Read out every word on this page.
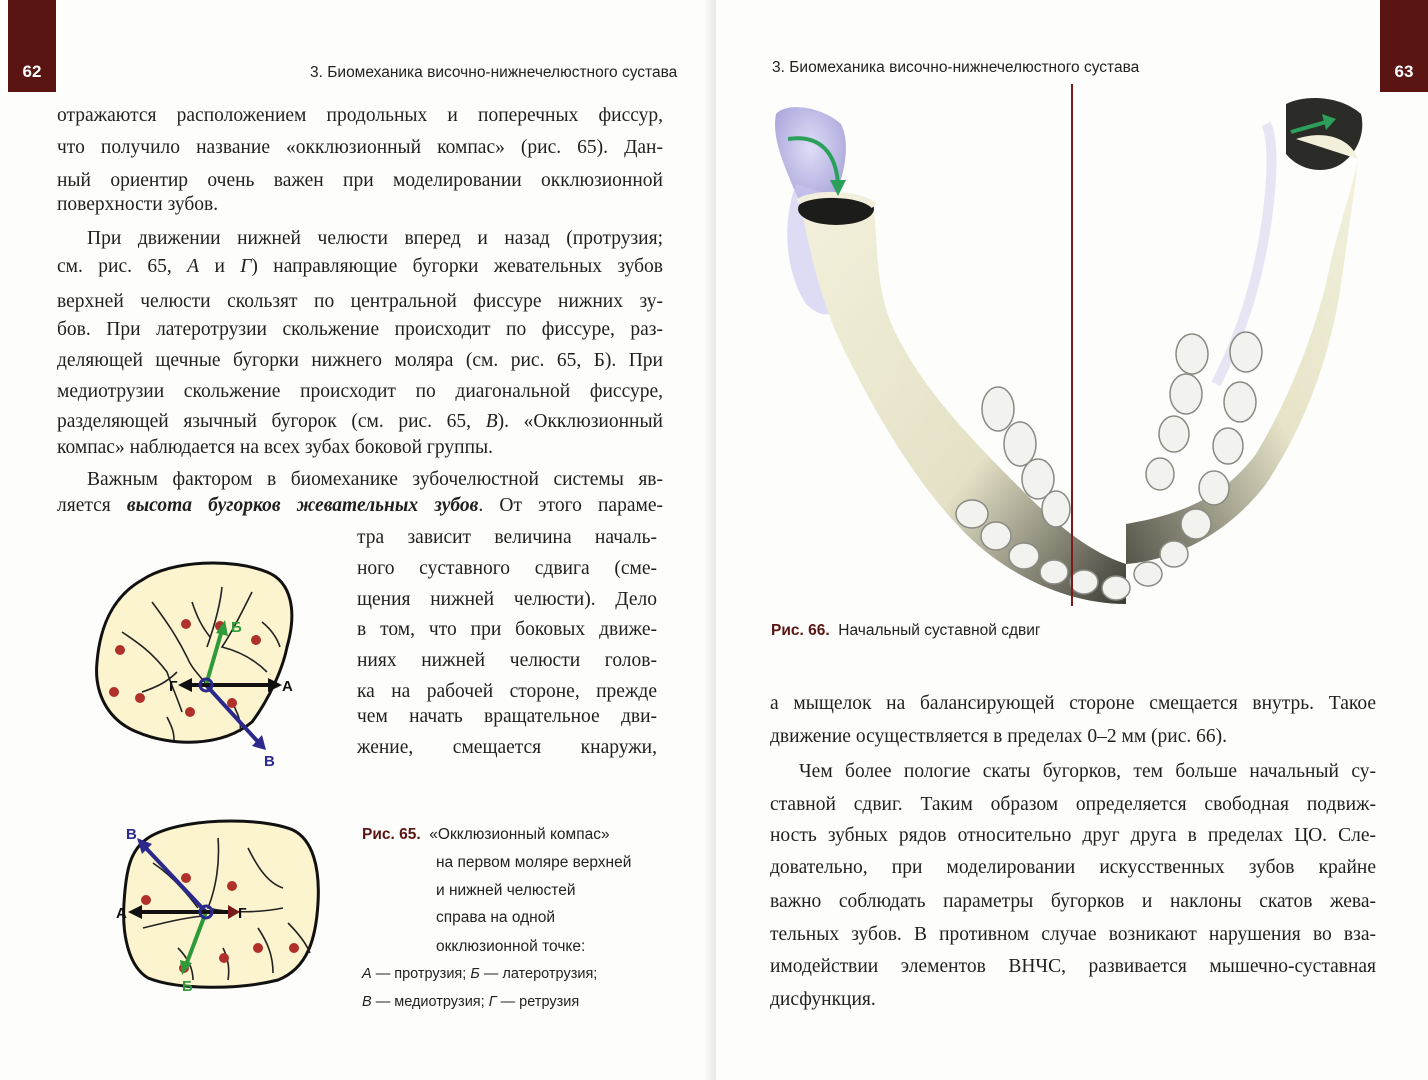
62	3. Биомеханика височно-нижнечелюстного сустава
отражаются расположением продольных и поперечных фиссур,
что получило название «окклюзионный компас» (рис. 65). Дан-
ный ориентир очень важен при моделировании окклюзионной
поверхности зубов.
При движении нижней челюсти вперед и назад (протрузия;
см. рис. 65, А и Г) направляющие бугорки жевательных зубов
верхней челюсти скользят по центральной фиссуре нижних зу-
бов. При латеротрузии скольжение происходит по фиссуре, раз-
деляющей щечные бугорки нижнего моляра (см. рис. 65, Б). При
медиотрузии скольжение происходит по диагональной фиссуре,
разделяющей язычный бугорок (см. рис. 65, В). «Окклюзионный
компас» наблюдается на всех зубах боковой группы.
Важным фактором в биомеханике зубочелюстной системы яв-
ляется высота бугорков жевательных зубов. От этого параме-
тра зависит величина началь-
ного суставного сдвига (сме-
щения нижней челюсти). Дело
в том, что при боковых движе-
ниях нижней челюсти голов-
ка на рабочей стороне, прежде
чем начать вращательное дви-
жение, смещается кнаружи,
Б
Г	А
В
В
А	Г
Б
Рис. 65. «Окклюзионный компас»
на первом моляре верхней
и нижней челюстей
справа на одной
окклюзионной точке:
А — протрузия; Б — латеротрузия;
В — медиотрузия; Г — ретрузия
3. Биомеханика височно-нижнечелюстного сустава	63
Рис. 66. Начальный суставной сдвиг
а мыщелок на балансирующей стороне смещается внутрь. Такое
движение осуществляется в пределах 0–2 мм (рис. 66).
Чем более пологие скаты бугорков, тем больше начальный су-
ставной сдвиг. Таким образом определяется свободная подвиж-
ность зубных рядов относительно друг друга в пределах ЦО. Сле-
довательно, при моделировании искусственных зубов крайне
важно соблюдать параметры бугорков и наклоны скатов жева-
тельных зубов. В противном случае возникают нарушения во вза-
имодействии элементов ВНЧС, развивается мышечно-суставная
дисфункция.
